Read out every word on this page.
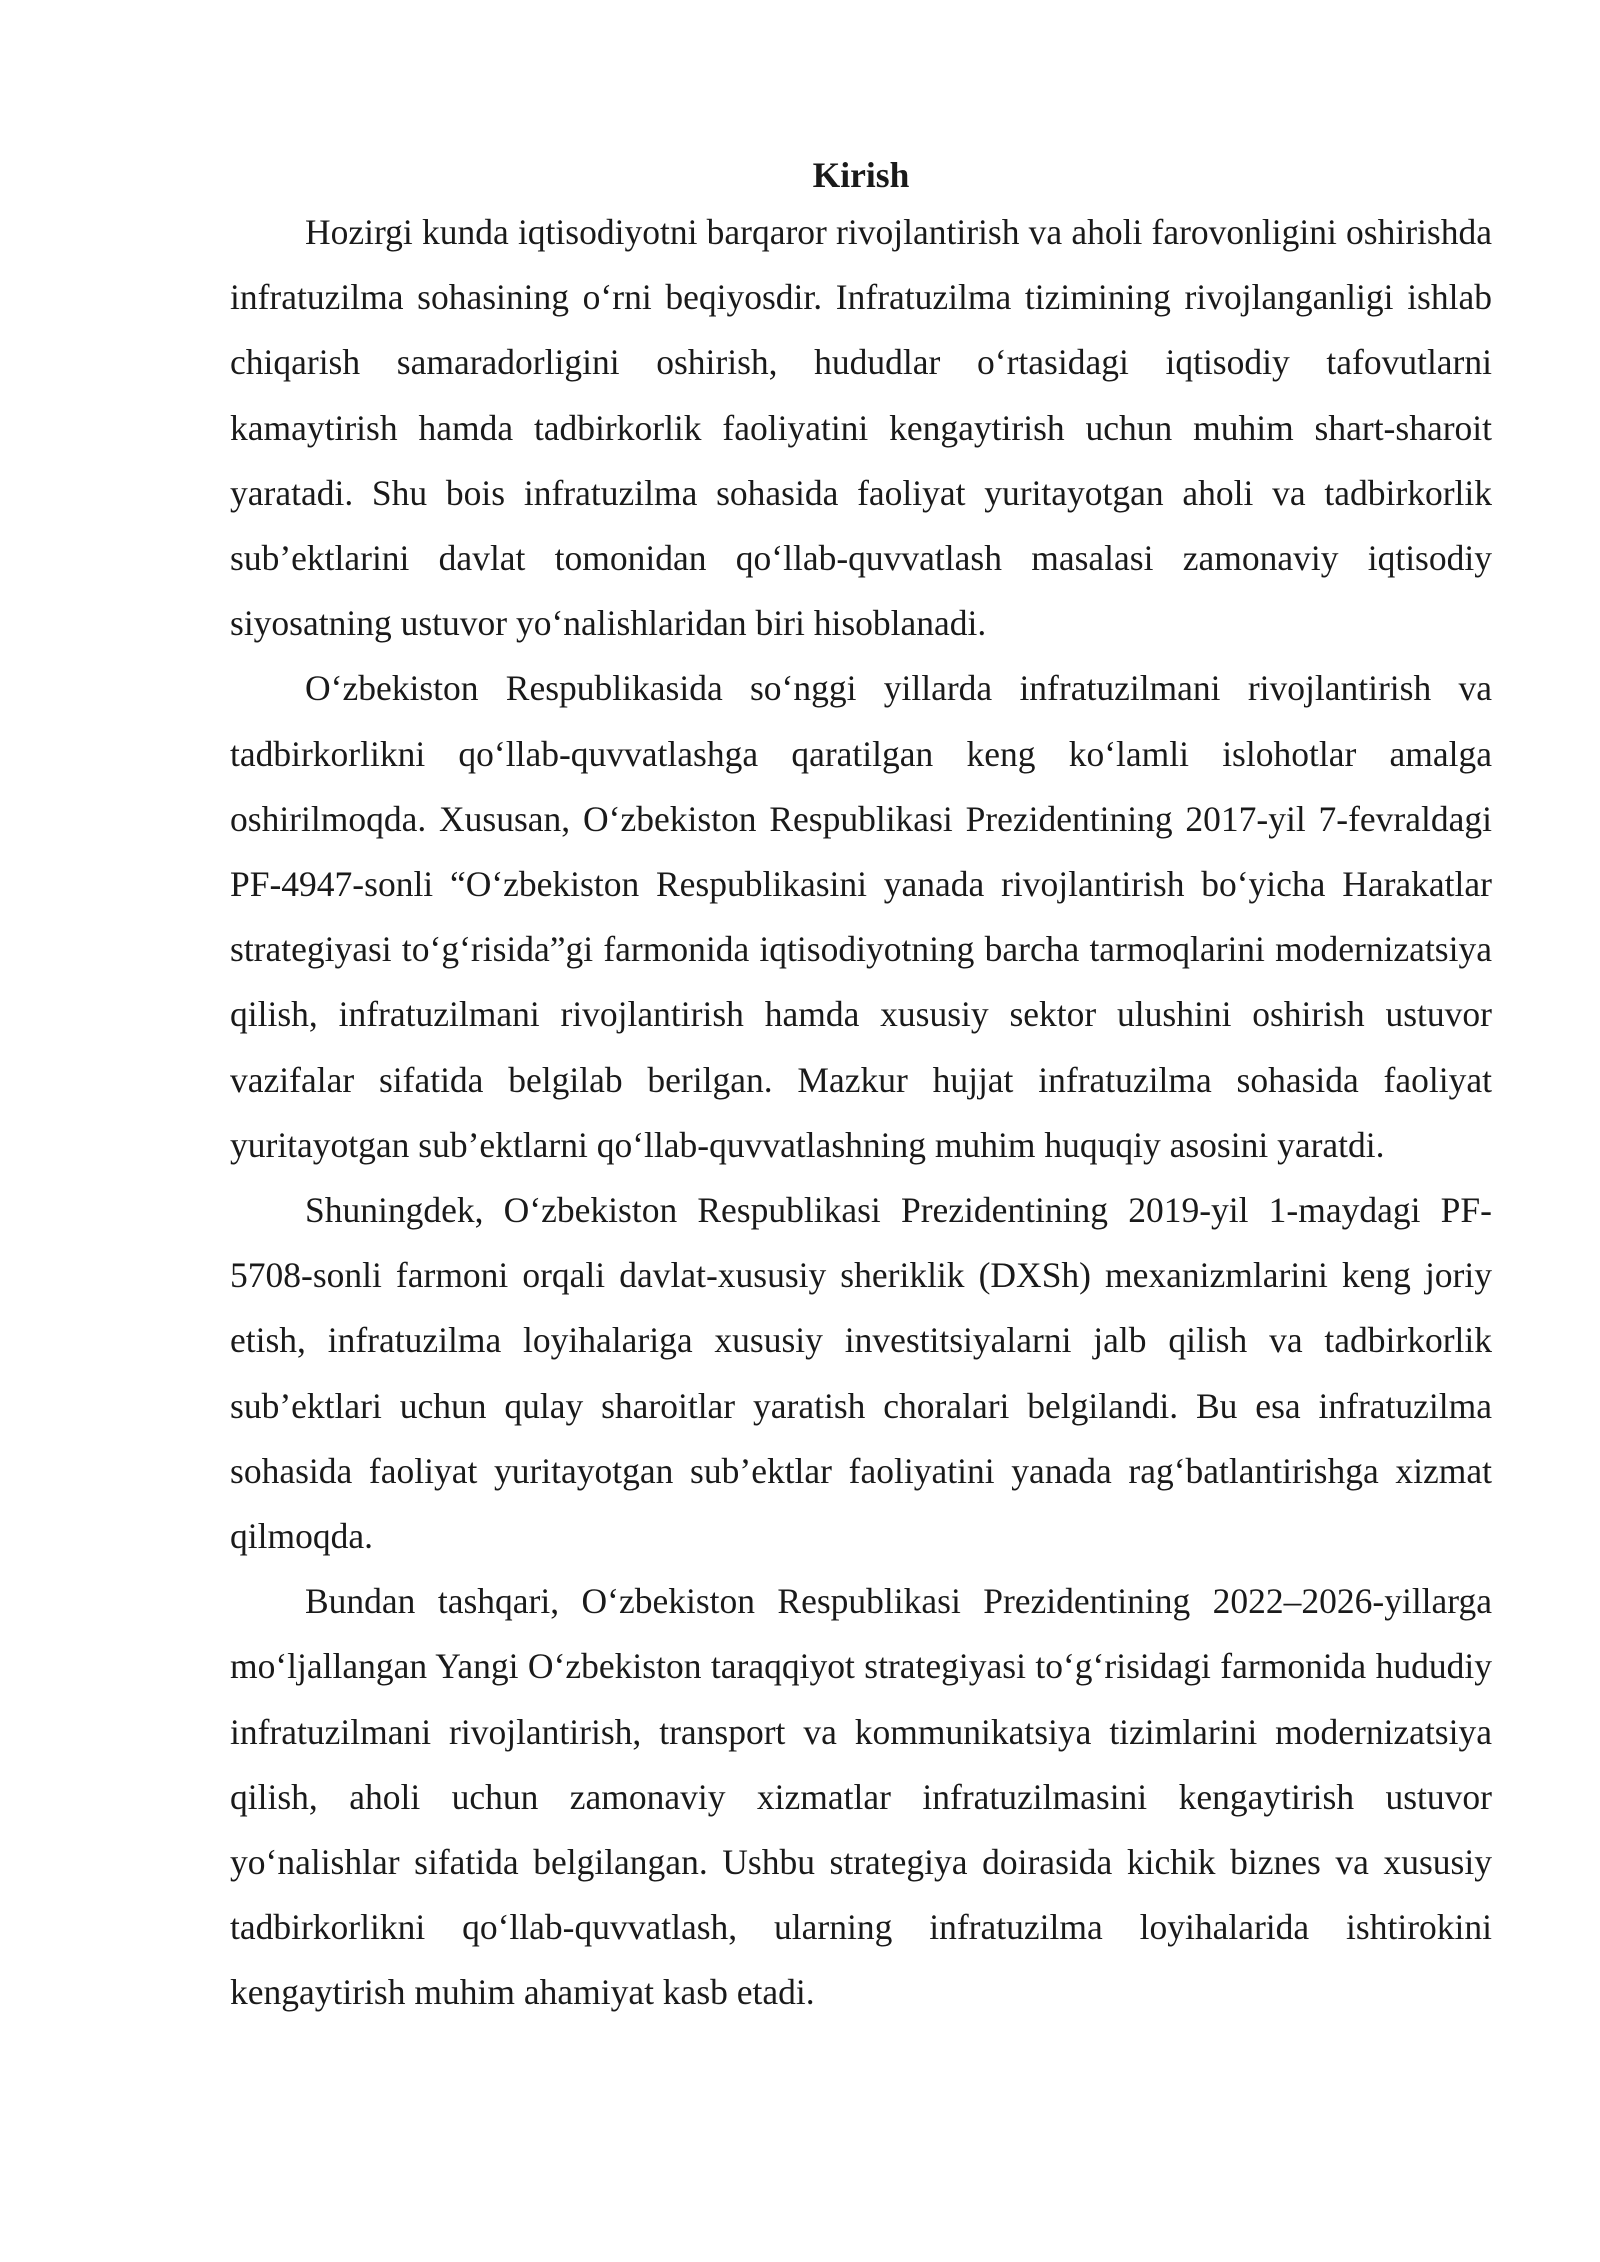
Kirish

Hozirgi kunda iqtisodiyotni barqaror rivojlantirish va aholi farovonligini oshirishda infratuzilma sohasining o‘rni beqiyosdir. Infratuzilma tizimining rivojlanganligi ishlab chiqarish samaradorligini oshirish, hududlar o‘rtasidagi iqtisodiy tafovutlarni kamaytirish hamda tadbirkorlik faoliyatini kengaytirish uchun muhim shart-sharoit yaratadi. Shu bois infratuzilma sohasida faoliyat yuritayotgan aholi va tadbirkorlik sub’ektlarini davlat tomonidan qo‘llab-quvvatlash masalasi zamonaviy iqtisodiy siyosatning ustuvor yo‘nalishlaridan biri hisoblanadi.

O‘zbekiston Respublikasida so‘nggi yillarda infratuzilmani rivojlantirish va tadbirkorlikni qo‘llab-quvvatlashga qaratilgan keng ko‘lamli islohotlar amalga oshirilmoqda. Xususan, O‘zbekiston Respublikasi Prezidentining 2017-yil 7-fevraldagi PF-4947-sonli “O‘zbekiston Respublikasini yanada rivojlantirish bo‘yicha Harakatlar strategiyasi to‘g‘risida”gi farmonida iqtisodiyotning barcha tarmoqlarini modernizatsiya qilish, infratuzilmani rivojlantirish hamda xususiy sektor ulushini oshirish ustuvor vazifalar sifatida belgilab berilgan. Mazkur hujjat infratuzilma sohasida faoliyat yuritayotgan sub’ektlarni qo‘llab-quvvatlashning muhim huquqiy asosini yaratdi.

Shuningdek, O‘zbekiston Respublikasi Prezidentining 2019-yil 1-maydagi PF-5708-sonli farmoni orqali davlat-xususiy sheriklik (DXSh) mexanizmlarini keng joriy etish, infratuzilma loyihalariga xususiy investitsiyalarni jalb qilish va tadbirkorlik sub’ektlari uchun qulay sharoitlar yaratish choralari belgilandi. Bu esa infratuzilma sohasida faoliyat yuritayotgan sub’ektlar faoliyatini yanada rag‘batlantirishga xizmat qilmoqda.

Bundan tashqari, O‘zbekiston Respublikasi Prezidentining 2022–2026-yillarga mo‘ljallangan Yangi O‘zbekiston taraqqiyot strategiyasi to‘g‘risidagi farmonida hududiy infratuzilmani rivojlantirish, transport va kommunikatsiya tizimlarini modernizatsiya qilish, aholi uchun zamonaviy xizmatlar infratuzilmasini kengaytirish ustuvor yo‘nalishlar sifatida belgilangan. Ushbu strategiya doirasida kichik biznes va xususiy tadbirkorlikni qo‘llab-quvvatlash, ularning infratuzilma loyihalarida ishtirokini kengaytirish muhim ahamiyat kasb etadi.
